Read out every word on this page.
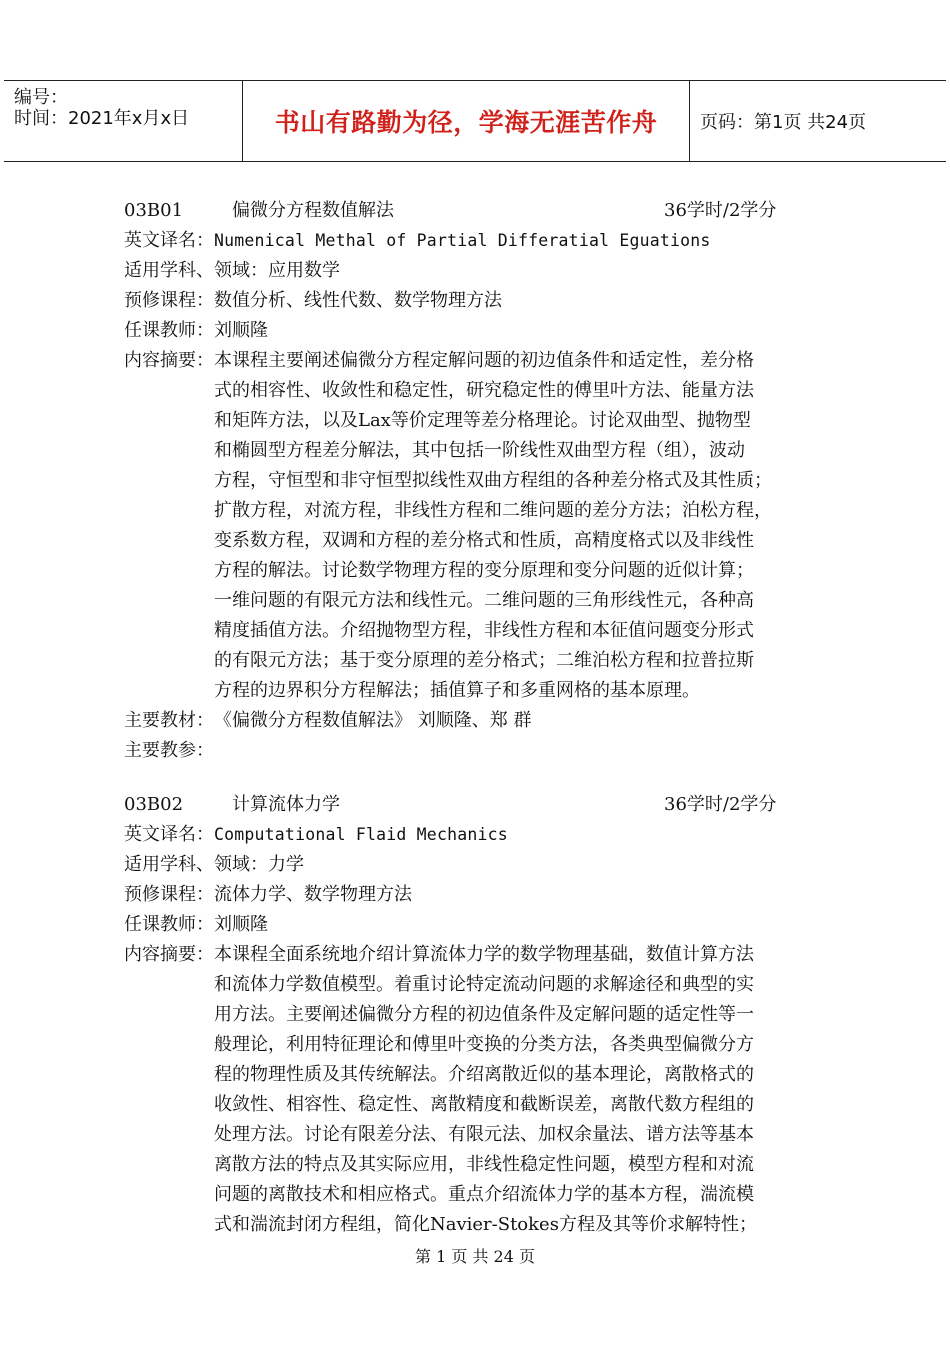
编号：
时间：2021年x月x日	书山有路勤为径，学海无涯苦作舟	页码：第1页 共24页
03B01	偏微分方程数值解法	36学时/2学分
英文译名：Numenical Methal of Partial Differatial Eguations
适用学科、领域：应用数学
预修课程：数值分析、线性代数、数学物理方法
任课教师：刘顺隆
内容摘要： 本课程主要阐述偏微分方程定解问题的初边值条件和适定性，差分格
式的相容性、收敛性和稳定性，研究稳定性的傅里叶方法、能量方法
和矩阵方法，以及Lax等价定理等差分格理论。讨论双曲型、抛物型
和椭圆型方程差分解法，其中包括一阶线性双曲型方程（组），波动
方程，守恒型和非守恒型拟线性双曲方程组的各种差分格式及其性质；
扩散方程，对流方程，非线性方程和二维问题的差分方法；泊松方程，
变系数方程，双调和方程的差分格式和性质，高精度格式以及非线性
方程的解法。讨论数学物理方程的变分原理和变分问题的近似计算；
一维问题的有限元方法和线性元。二维问题的三角形线性元，各种高
精度插值方法。介绍抛物型方程，非线性方程和本征值问题变分形式
的有限元方法；基于变分原理的差分格式；二维泊松方程和拉普拉斯
方程的边界积分方程解法；插值算子和多重网格的基本原理。
主要教材：《偏微分方程数值解法》 刘顺隆、郑 群
主要教参：
03B02	计算流体力学	36学时/2学分
英文译名：Computational Flaid Mechanics
适用学科、领域：力学
预修课程：流体力学、数学物理方法
任课教师：刘顺隆
内容摘要： 本课程全面系统地介绍计算流体力学的数学物理基础，数值计算方法
和流体力学数值模型。着重讨论特定流动问题的求解途径和典型的实
用方法。主要阐述偏微分方程的初边值条件及定解问题的适定性等一
般理论，利用特征理论和傅里叶变换的分类方法，各类典型偏微分方
程的物理性质及其传统解法。介绍离散近似的基本理论，离散格式的
收敛性、相容性、稳定性、离散精度和截断误差，离散代数方程组的
处理方法。讨论有限差分法、有限元法、加权余量法、谱方法等基本
离散方法的特点及其实际应用，非线性稳定性问题，模型方程和对流
问题的离散技术和相应格式。重点介绍流体力学的基本方程，湍流模
式和湍流封闭方程组，简化Navier-Stokes方程及其等价求解特性；
第 1 页 共 24 页
